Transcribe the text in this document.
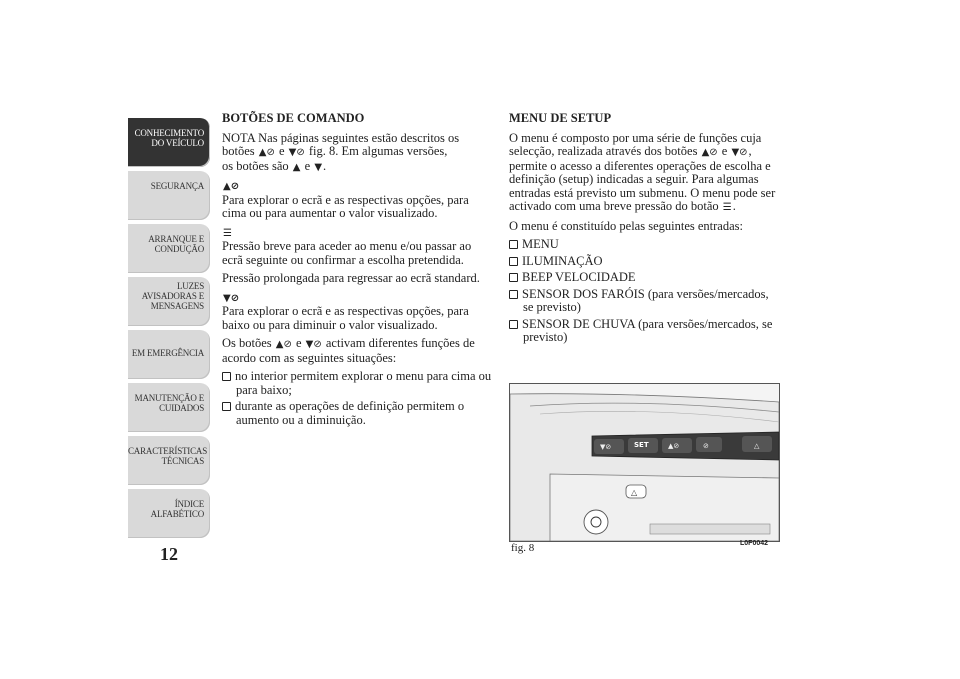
CONHECIMENTO
DO VEÍCULO
SEGURANÇA
ARRANQUE E
CONDUÇÃO
LUZES
AVISADORAS E
MENSAGENS
EM EMERGÊNCIA
MANUTENÇÃO E
CUIDADOS
CARACTERÍSTICAS
TÉCNICAS
ÍNDICE
ALFABÉTICO
12
BOTÕES DE COMANDO

NOTA Nas páginas seguintes estão descritos os
botões ▲⊘ e ▼⊘ fig. 8. Em algumas versões,
os botões são ▲ e ▼.

▲⊘

Para explorar o ecrã e as respectivas opções, para cima ou para aumentar o valor visualizado.

☰

Pressão breve para aceder ao menu e/ou passar ao ecrã seguinte ou confirmar a escolha pretendida.

Pressão prolongada para regressar ao ecrã standard.

▼⊘

Para explorar o ecrã e as respectivas opções, para baixo ou para diminuir o valor visualizado.

Os botões ▲⊘ e ▼⊘ activam diferentes funções de acordo com as seguintes situações:

no interior permitem explorar o menu para cima ou para baixo;
durante as operações de definição permitem o aumento ou a diminuição.
MENU DE SETUP

O menu é composto por uma série de funções cuja selecção, realizada através dos botões ▲⊘ e ▼⊘, permite o acesso a diferentes operações de escolha e definição (setup) indicadas a seguir. Para algumas entradas está previsto um submenu. O menu pode ser activado com uma breve pressão do botão ☰.

O menu é constituído pelas seguintes entradas:

MENU
ILUMINAÇÃO
BEEP VELOCIDADE
SENSOR DOS FARÓIS (para versões/mercados, se previsto)
SENSOR DE CHUVA (para versões/mercados, se previsto)
▼⊘	▲⊘	⊘	△
SET
△
fig. 8	L0F0042
